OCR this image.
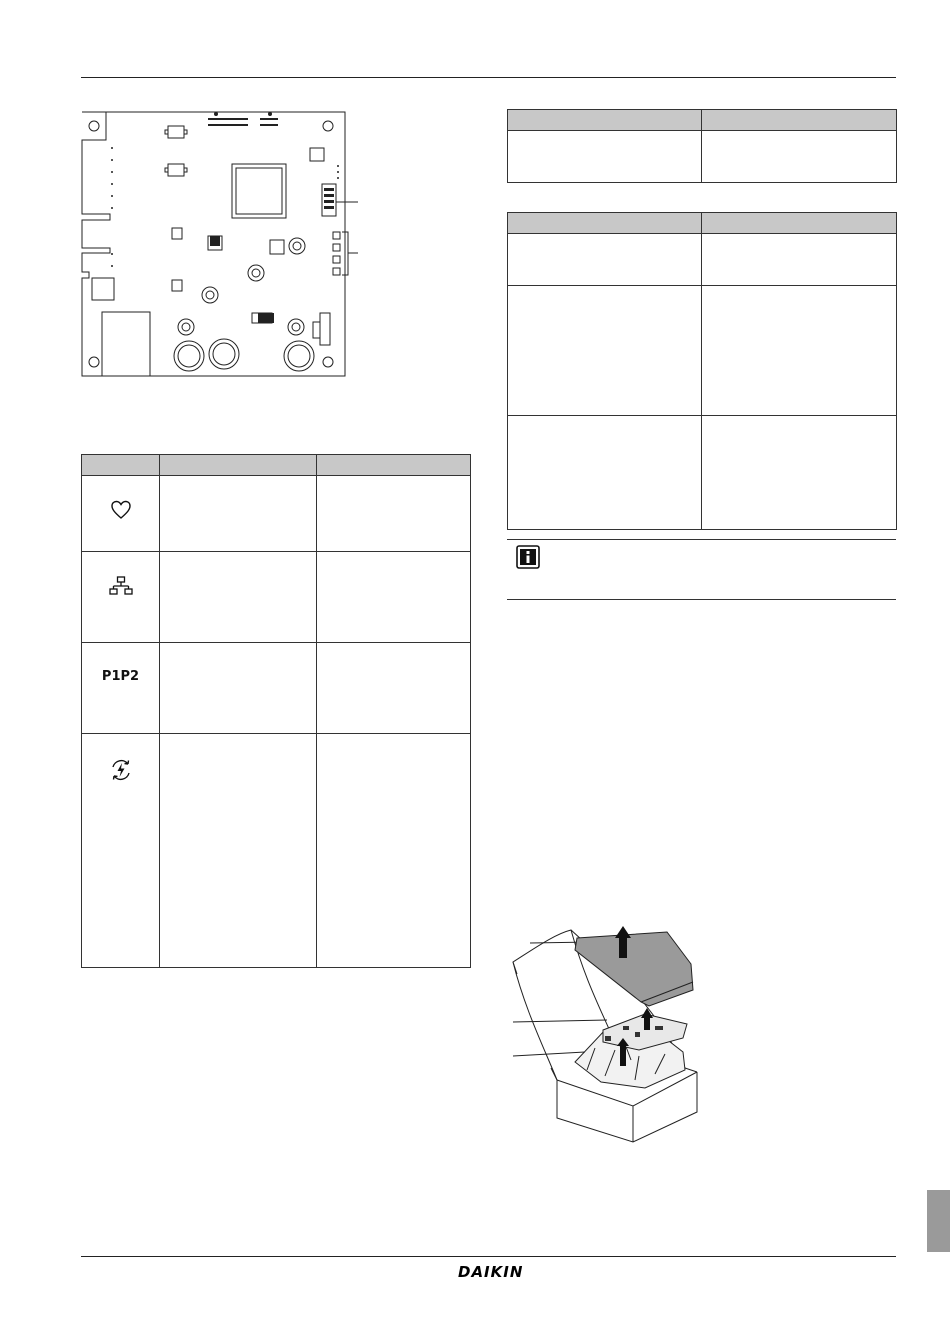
P1P2		

DAIKIN
